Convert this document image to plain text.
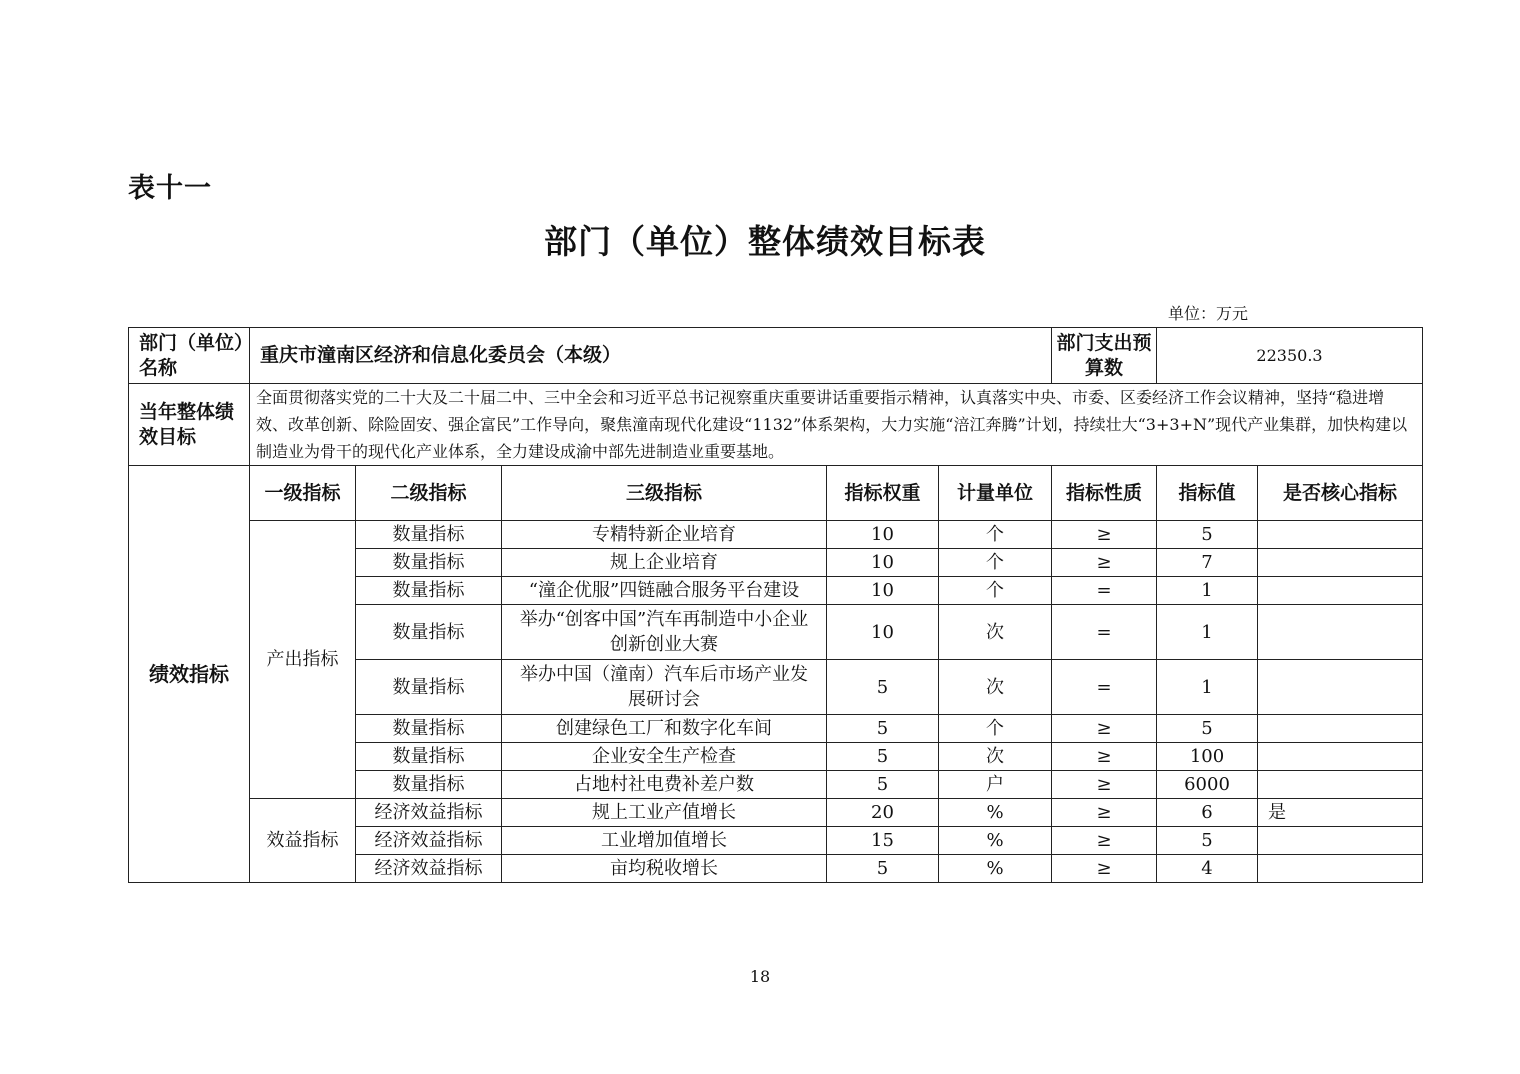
表十一
部门（单位）整体绩效目标表
单位：万元
部门（单位）名称	重庆市潼南区经济和信息化委员会（本级）					部门支出预算数	22350.3	
当年整体绩效目标	全面贯彻落实党的二十大及二十届二中、三中全会和习近平总书记视察重庆重要讲话重要指示精神，认真落实中央、市委、区委经济工作会议精神，坚持“稳进增效、改革创新、除险固安、强企富民”工作导向，聚焦潼南现代化建设“1132”体系架构，大力实施“涪江奔腾”计划，持续壮大“3+3+N”现代产业集群，加快构建以制造业为骨干的现代化产业体系，全力建设成渝中部先进制造业重要基地。							
绩效指标	一级指标	二级指标	三级指标	指标权重	计量单位	指标性质	指标值	是否核心指标
	产出指标	数量指标	专精特新企业培育	10	个	≥	5	
		数量指标	规上企业培育	10	个	≥	7	
		数量指标	“潼企优服”四链融合服务平台建设	10	个	=	1	
		数量指标	举办“创客中国”汽车再制造中小企业创新创业大赛	10	次	=	1	
		数量指标	举办中国（潼南）汽车后市场产业发展研讨会	5	次	=	1	
		数量指标	创建绿色工厂和数字化车间	5	个	≥	5	
		数量指标	企业安全生产检查	5	次	≥	100	
		数量指标	占地村社电费补差户数	5	户	≥	6000	
	效益指标	经济效益指标	规上工业产值增长	20	%	≥	6	是
		经济效益指标	工业增加值增长	15	%	≥	5	
		经济效益指标	亩均税收增长	5	%	≥	4	
18
